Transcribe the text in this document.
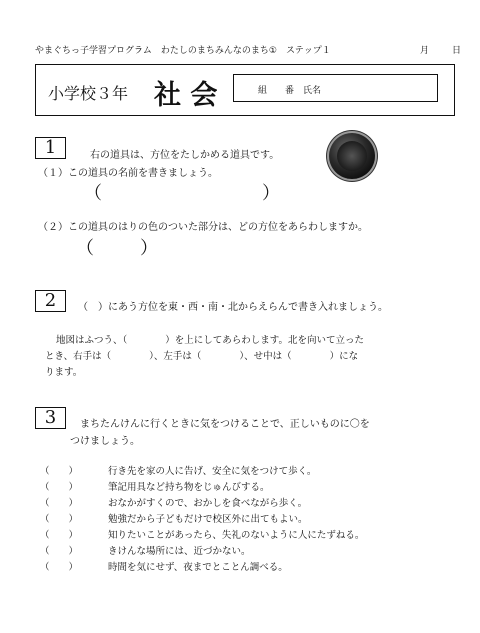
やまぐちっ子学習プログラム　わたしのまちみんなのまち①　ステップ１	月	日
小学校３年 社 会	組　　番　氏名
1	右の道具は、方位をたしかめる道具です。
（１）この道具の名前を書きましょう。
（	）
（２）この道具のはりの色のついた部分は、どの方位をあらわしますか。
（	）
2	（　）にあう方位を東・西・南・北からえらんで書き入れましょう。
地図はふつう、（　　　　）を上にしてあらわします。北を向いて立った
とき、右手は（　　　　）、左手は（　　　　）、せ中は（　　　　）にな
ります。
3	まちたんけんに行くときに気をつけることで、正しいものに〇を
つけましょう。
（　　）	行き先を家の人に告げ、安全に気をつけて歩く。
（　　）	筆記用具など持ち物をじゅんびする。
（　　）	おなかがすくので、おかしを食べながら歩く。
（　　）	勉強だから子どもだけで校区外に出てもよい。
（　　）	知りたいことがあったら、失礼のないように人にたずねる。
（　　）	きけんな場所には、近づかない。
（　　）	時間を気にせず、夜までとことん調べる。
